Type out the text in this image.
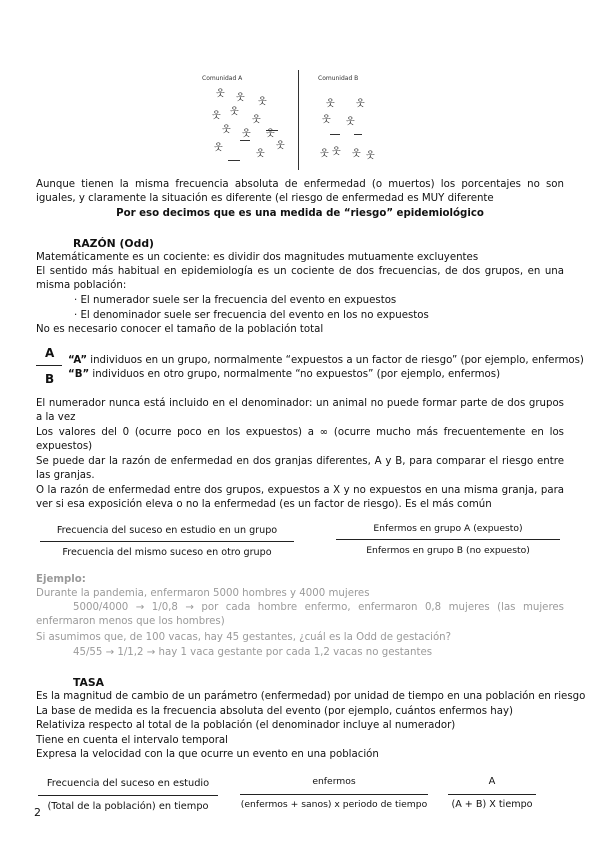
Comunidad A	Comunidad B
웃 웃 웃
웃 웃
웃
웃 웃 웃
웃
웃
웃
웃 웃
웃 웃
웃 웃 웃
웃
Aunque tienen la misma frecuencia absoluta de enfermedad (o muertos) los porcentajes no son iguales, y claramente la situación es diferente (el riesgo de enfermedad es MUY diferente
Por eso decimos que es una medida de “riesgo” epidemiológico
RAZÓN (Odd)
Matemáticamente es un cociente: es dividir dos magnitudes mutuamente excluyentes
El sentido más habitual en epidemiología es un cociente de dos frecuencias, de dos grupos, en una misma población:
· El numerador suele ser la frecuencia del evento en expuestos
· El denominador suele ser frecuencia del evento en los no expuestos
No es necesario conocer el tamaño de la población total
A
B
“A” individuos en un grupo, normalmente “expuestos a un factor de riesgo” (por ejemplo, enfermos)
“B” individuos en otro grupo, normalmente “no expuestos” (por ejemplo, enfermos)
El numerador nunca está incluido en el denominador: un animal no puede formar parte de dos grupos a la vez
Los valores del 0 (ocurre poco en los expuestos) a ∞ (ocurre mucho más frecuentemente en los expuestos)
Se puede dar la razón de enfermedad en dos granjas diferentes, A y B, para comparar el riesgo entre las granjas.
O la razón de enfermedad entre dos grupos, expuestos a X y no expuestos en una misma granja, para ver si esa exposición eleva o no la enfermedad (es un factor de riesgo). Es el más común
Frecuencia del suceso en estudio en un grupo
Frecuencia del mismo suceso en otro grupo
Enfermos en grupo A (expuesto)
Enfermos en grupo B (no expuesto)
Ejemplo:
Durante la pandemia, enfermaron 5000 hombres y 4000 mujeres
5000/4000 → 1/0,8 → por cada hombre enfermo, enfermaron 0,8 mujeres (las mujeres enfermaron menos que los hombres)
Si asumimos que, de 100 vacas, hay 45 gestantes, ¿cuál es la Odd de gestación?
45/55 → 1/1,2 → hay 1 vaca gestante por cada 1,2 vacas no gestantes
TASA
Es la magnitud de cambio de un parámetro (enfermedad) por unidad de tiempo en una población en riesgo
La base de medida es la frecuencia absoluta del evento (por ejemplo, cuántos enfermos hay)
Relativiza respecto al total de la población (el denominador incluye al numerador)
Tiene en cuenta el intervalo temporal
Expresa la velocidad con la que ocurre un evento en una población
Frecuencia del suceso en estudio
(Total de la población) en tiempo
enfermos
(enfermos + sanos) x periodo de tiempo
A
(A + B) X tiempo
2
